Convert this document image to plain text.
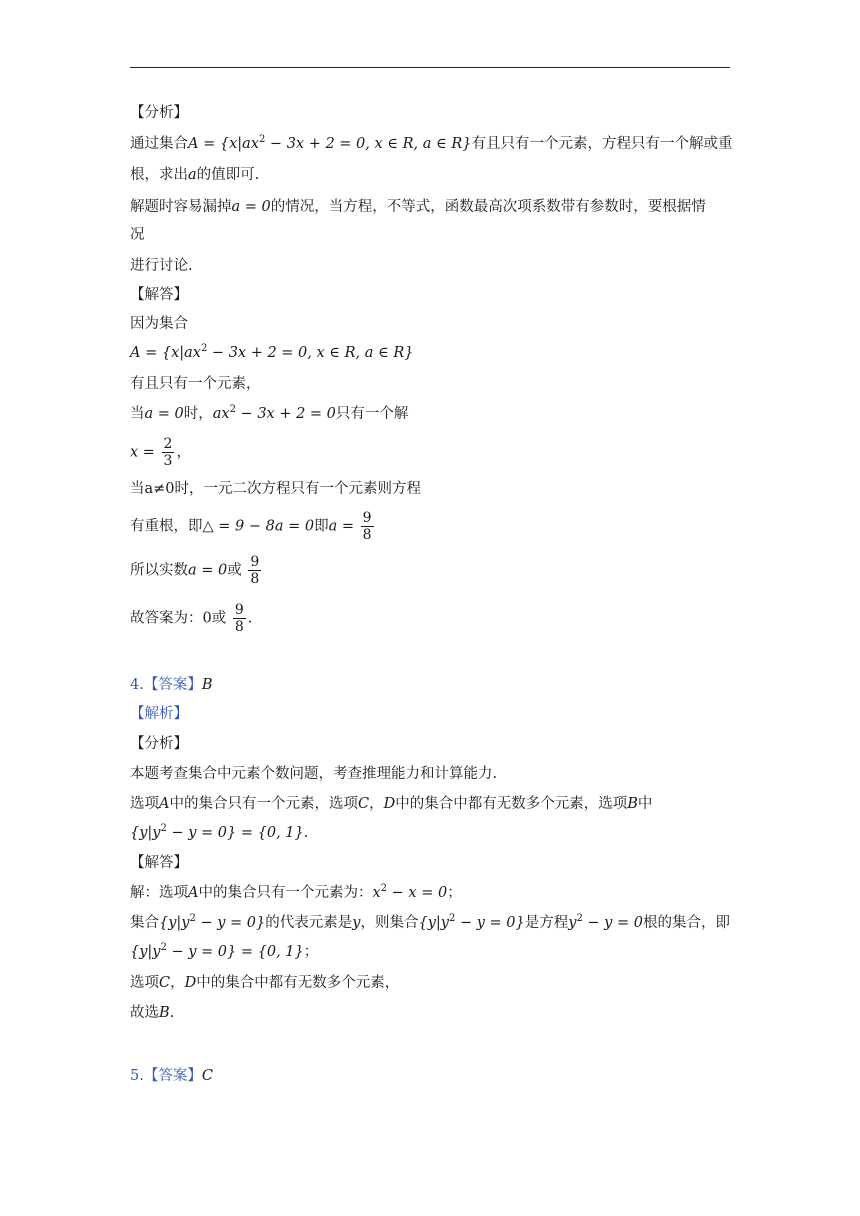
【分析】
通过集合$A = \{x|ax^2 - 3x + 2 = 0$, x ∈ R, a ∈ R}有且只有一个元素，方程只有一个解或重
根，求出a的值即可.
解题时容易漏掉a = 0的情况，当方程，不等式，函数最高次项系数带有参数时，要根据情
况
进行讨论.
【解答】
因为集合
$A = \{x|ax^2 - 3x + 2 = 0$, x ∈ R, a ∈ R}
有且只有一个元素，
当a = 0时，$ax^2 - 3x + 2 = 0$只有一个解
$x = \frac{2}{3}$ ，
当a≠0时，一元二次方程只有一个元素则方程
有重根，即△ = 9 − 8a = 0即$a = \frac{9}{8}$
所以实数a = 0或 $\frac{9}{8}$
故答案为：0或 $\frac{9}{8}$ .
4.【答案】B
【解析】
【分析】
本题考查集合中元素个数问题，考查推理能力和计算能力.
选项A中的集合只有一个元素，选项C，D中的集合中都有无数多个元素，选项B中
$\{y|y^2 - y = 0\} = \{0$, 1}.
【解答】
解：选项A中的集合只有一个元素为：$x^2 - x = 0$；
集合$\{y|y^2 - y = 0\}$的代表元素是y，则集合$\{y|y^2 - y = 0\}$是方程$y^2 - y = 0$根的集合，即
$\{y|y^2 - y = 0\} = \{0$, 1}；
选项C，D中的集合中都有无数多个元素，
故选B.
5.【答案】C
